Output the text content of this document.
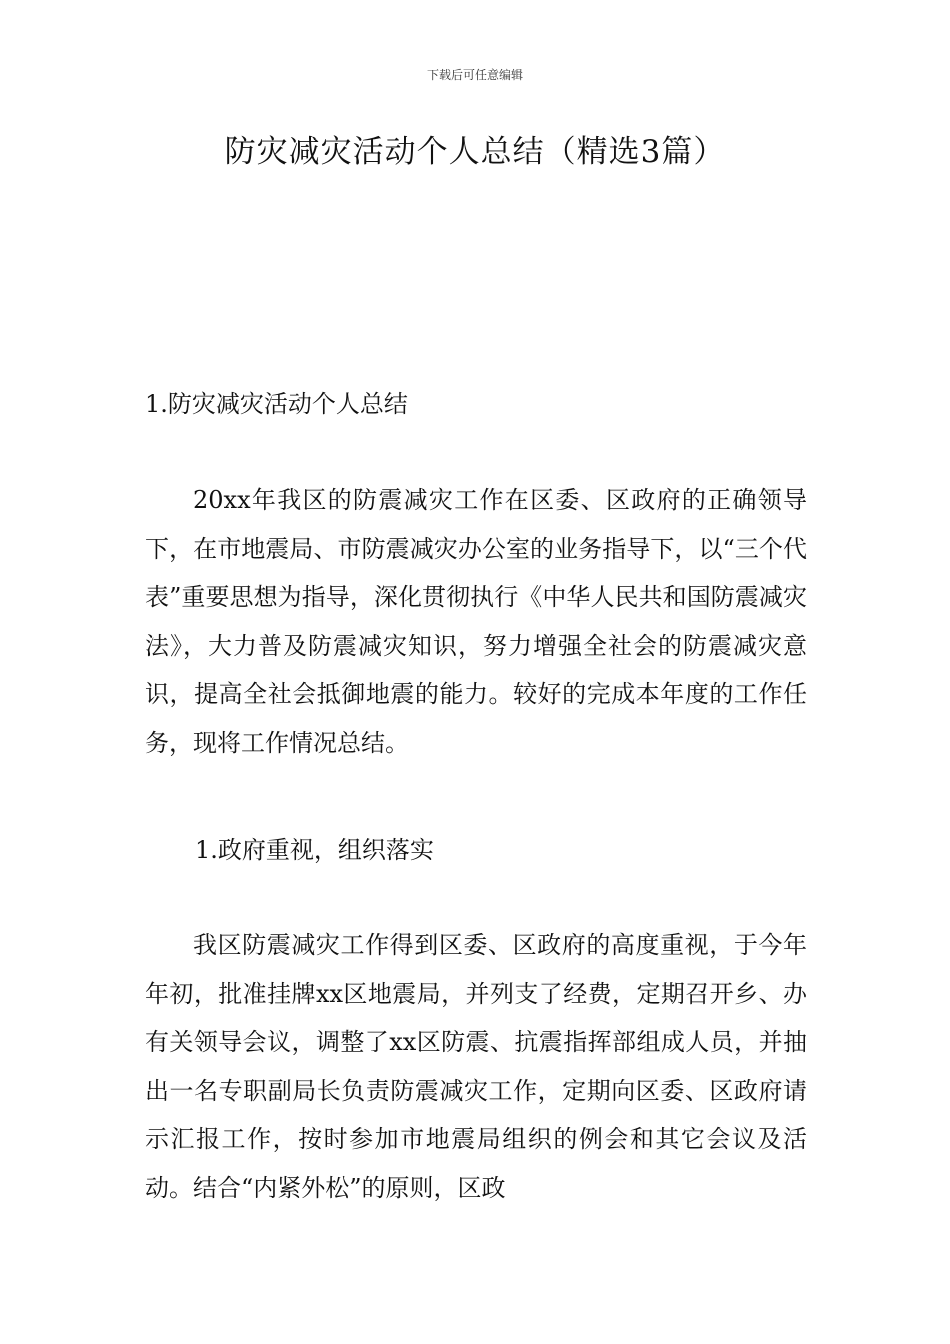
下载后可任意编辑
防灾减灾活动个人总结（精选3篇）

1.防灾减灾活动个人总结

20xx年我区的防震减灾工作在区委、区政府的正确领导下，在市地震局、市防震减灾办公室的业务指导下，以“三个代表”重要思想为指导，深化贯彻执行《中华人民共和国防震减灾法》，大力普及防震减灾知识，努力增强全社会的防震减灾意识，提高全社会抵御地震的能力。较好的完成本年度的工作任务，现将工作情况总结。

1.政府重视，组织落实

我区防震减灾工作得到区委、区政府的高度重视，于今年年初，批准挂牌xx区地震局，并列支了经费，定期召开乡、办有关领导会议，调整了xx区防震、抗震指挥部组成人员，并抽出一名专职副局长负责防震减灾工作，定期向区委、区政府请示汇报工作，按时参加市地震局组织的例会和其它会议及活动。结合“内紧外松”的原则，区政
